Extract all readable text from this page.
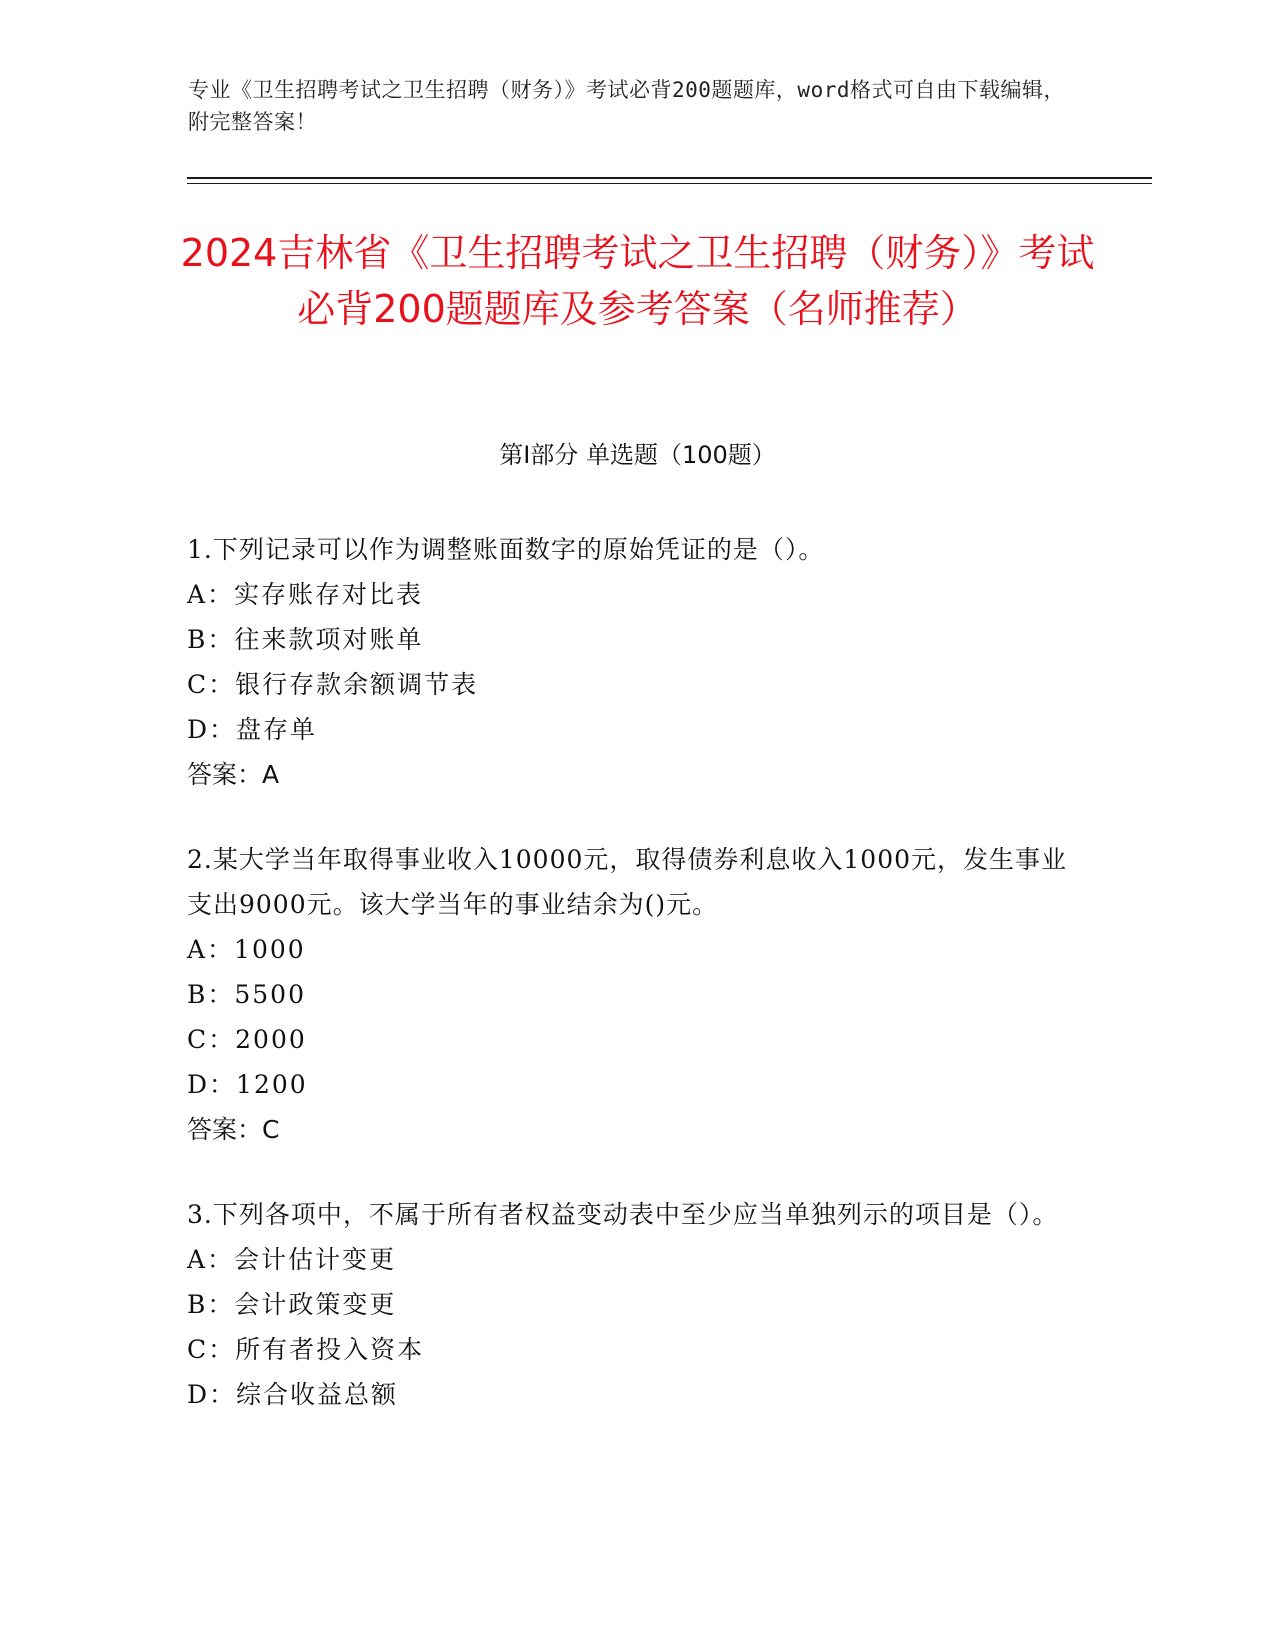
专业《卫生招聘考试之卫生招聘（财务）》考试必背200题题库，word格式可自由下载编辑，附完整答案！
2024吉林省《卫生招聘考试之卫生招聘（财务）》考试必背200题题库及参考答案（名师推荐）
第Ⅰ部分 单选题（100题）

1.下列记录可以作为调整账面数字的原始凭证的是（）。

A：实存账存对比表

B：往来款项对账单

C：银行存款余额调节表

D：盘存单

答案：A

2.某大学当年取得事业收入10000元，取得债券利息收入1000元，发生事业支出9000元。该大学当年的事业结余为()元。

A：1000

B：5500

C：2000

D：1200

答案：C

3.下列各项中，不属于所有者权益变动表中至少应当单独列示的项目是（）。

A：会计估计变更

B：会计政策变更

C：所有者投入资本

D：综合收益总额
